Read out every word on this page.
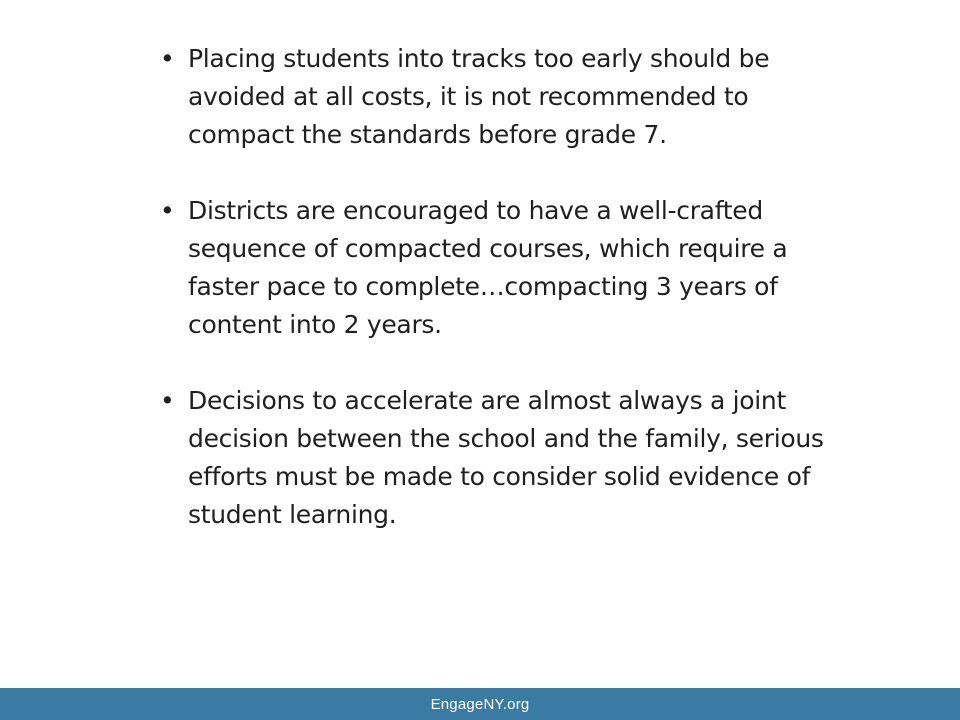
• Placing students into tracks too early should be avoided at all costs, it is not recommended to compact the standards before grade 7.
• Districts are encouraged to have a well-crafted sequence of compacted courses, which require a faster pace to complete…compacting 3 years of content into 2 years.
• Decisions to accelerate are almost always a joint decision between the school and the family, serious efforts must be made to consider solid evidence of student learning.
EngageNY.org
